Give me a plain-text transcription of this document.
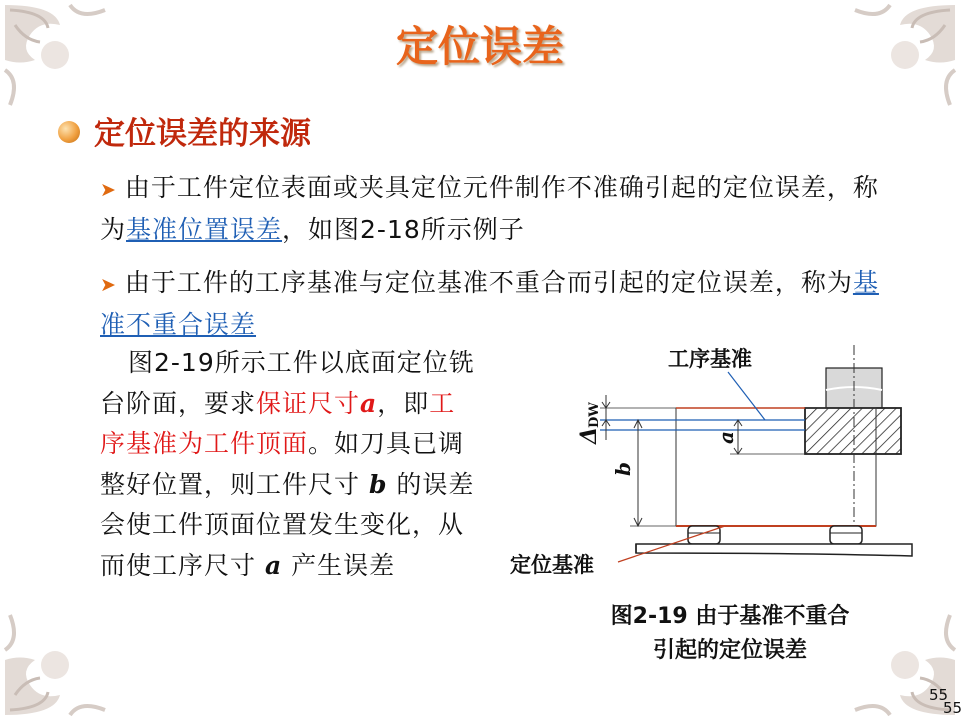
定位误差
定位误差的来源
➤ 由于工件定位表面或夹具定位元件制作不准确引起的定位误差，称为基准位置误差，如图2-18所示例子
➤ 由于工件的工序基准与定位基准不重合而引起的定位误差，称为基准不重合误差
图2-19所示工件以底面定位铣台阶面，要求保证尺寸a，即工序基准为工件顶面。如刀具已调整好位置，则工件尺寸 b 的误差会使工件顶面位置发生变化，从而使工序尺寸 a 产生误差
工序基准
定位基准
Δ
DW
b
a
图2-19 由于基准不重合
引起的定位误差
55
55
